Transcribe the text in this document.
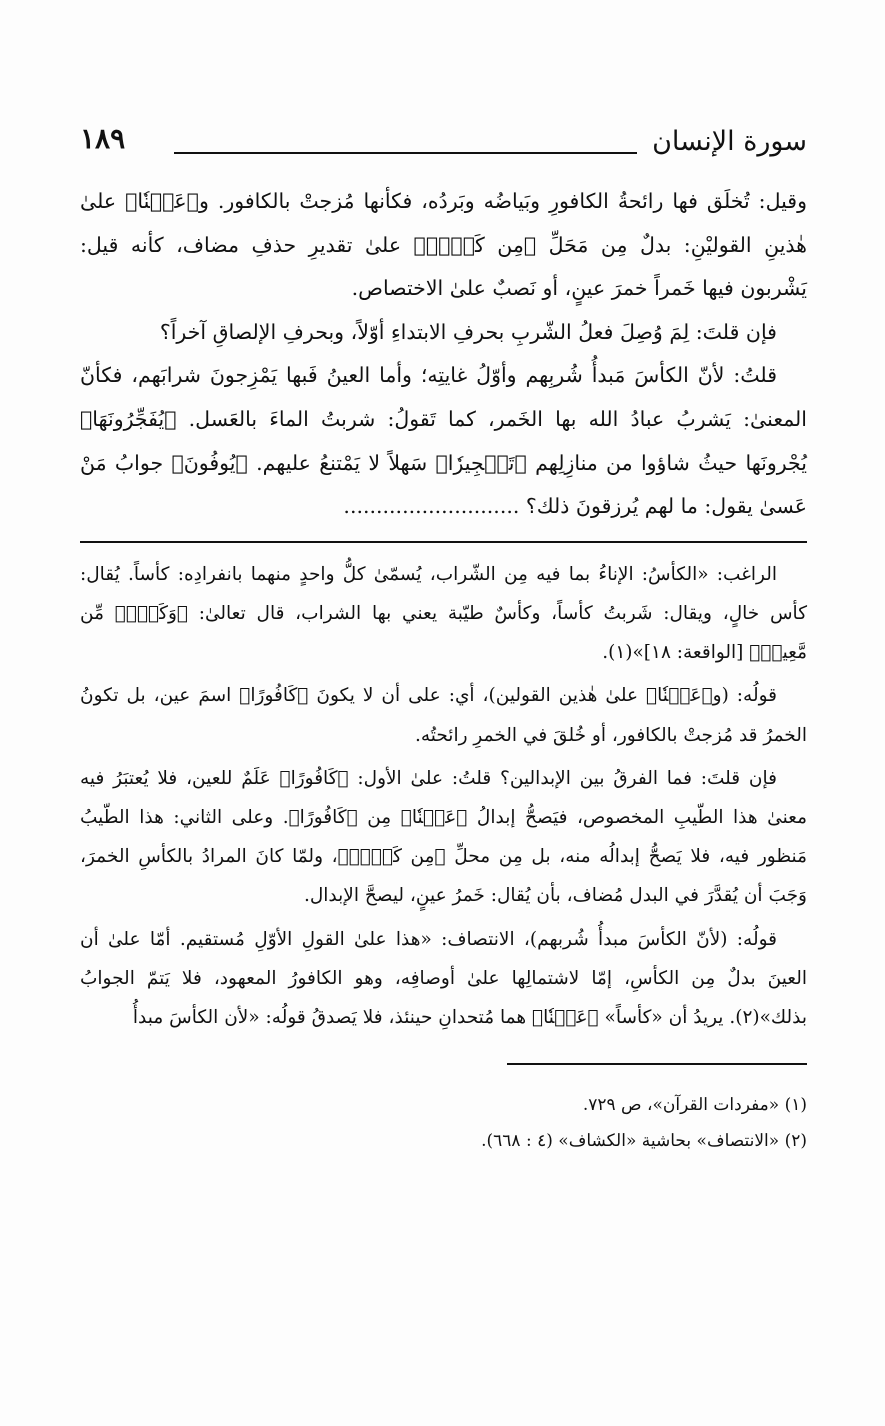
سورة الإنسان
١٨٩

وقيل: تُخلَق فها رائحةُ الكافورِ وبَياضُه وبَردُه، فكأنها مُزجتْ بالكافور. و﴿عَيۡنٗا﴾ علىٰ هٰذينِ القوليْنِ: بدلٌ مِن مَحَلِّ ﴿مِن كَأۡسٖ﴾ علىٰ تقديرِ حذفِ مضاف، كأنه قيل: يَشْربون فيها خَمراً خمرَ عينٍ، أو نَصبٌ علىٰ الاختصاص.

فإن قلتَ: لِمَ وُصِلَ فعلُ الشّربِ بحرفِ الابتداءِ أوّلاً، وبحرفِ الإلصاقِ آخراً؟

قلتُ: لأنّ الكأسَ مَبدأُ شُربِهم وأوّلُ غايتِه؛ وأما العينُ فَبها يَمْزِجونَ شرابَهم، فكأنّ المعنىٰ: يَشربُ عبادُ الله بها الخَمر، كما تَقولُ: شربتُ الماءَ بالعَسل. ﴿يُفَجِّرُونَهَا﴾ يُجْرونَها حيثُ شاؤوا من منازِلِهم ﴿تَفۡجِيرٗا﴾ سَهلاً لا يَمْتنعُ عليهم. ﴿يُوفُونَ﴾ جوابُ مَنْ عَسىٰ يقول: ما لهم يُرزقونَ ذلك؟ ...........................

الراغب: «الكأسُ: الإناءُ بما فيه مِن الشّراب، يُسمّىٰ كلُّ واحدٍ منهما بانفرادِه: كأساً. يُقال: كأس خالٍ، ويقال: شَربتُ كأساً، وكأسٌ طيّبة يعني بها الشراب، قال تعالىٰ: ﴿وَكَأۡسٖ مِّن مَّعِينٖ﴾ [الواقعة: ١٨]»(١).

قولُه: (و﴿عَيۡنٗا﴾ علىٰ هٰذين القولين)، أي: على أن لا يكونَ ﴿كَافُورًا﴾ اسمَ عين، بل تكونُ الخمرُ قد مُزجتْ بالكافور، أو خُلقَ في الخمرِ رائحتُه.

فإن قلتَ: فما الفرقُ بين الإبدالين؟ قلتُ: علىٰ الأول: ﴿كَافُورًا﴾ عَلَمٌ للعين، فلا يُعتبَرُ فيه معنىٰ هذا الطّيبِ المخصوص، فيَصحُّ إبدالُ ﴿عَيۡنٗا﴾ مِن ﴿كَافُورًا﴾. وعلى الثاني: هذا الطّيبُ مَنظور فيه، فلا يَصحُّ إبدالُه منه، بل مِن محلِّ ﴿مِن كَأۡسٖ﴾، ولمّا كانَ المرادُ بالكأسِ الخمرَ، وَجَبَ أن يُقدَّرَ في البدل مُضاف، بأن يُقال: خَمرُ عينٍ، ليصحَّ الإبدال.

قولُه: (لأنّ الكأسَ مبدأُ شُربهم)، الانتصاف: «هذا علىٰ القولِ الأوّلِ مُستقيم. أمّا علىٰ أن العينَ بدلٌ مِن الكأسِ، إمّا لاشتمالِها علىٰ أوصافِه، وهو الكافورُ المعهود، فلا يَتمّ الجوابُ بذلك»(٢). يريدُ أن «كأساً» ﴿عَيۡنٗا﴾ هما مُتحدانِ حينئذ، فلا يَصدقُ قولُه: «لأن الكأسَ مبدأُ

(١) «مفردات القرآن»، ص ٧٢٩.

(٢) «الانتصاف» بحاشية «الكشاف» (٤ : ٦٦٨).
